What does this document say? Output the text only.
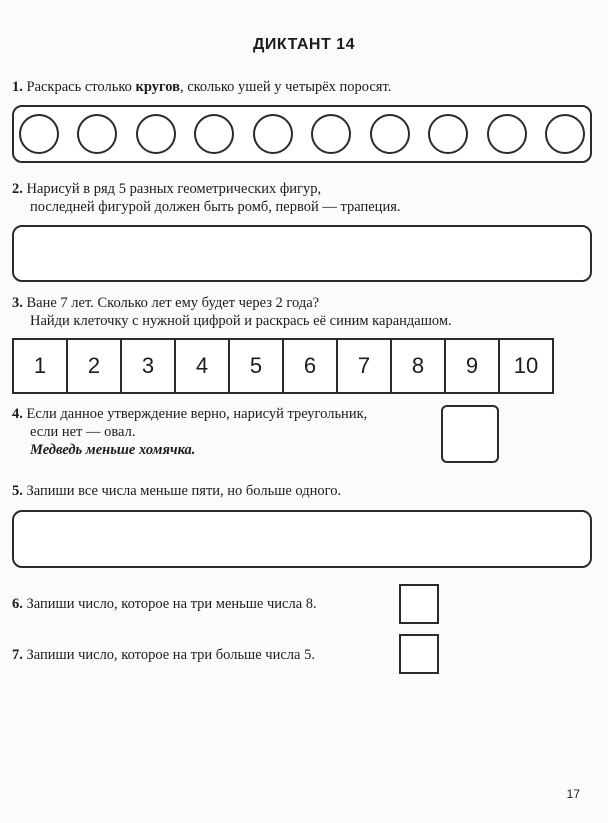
ДИКТАНТ 14
1. Раскрась столько кругов, сколько ушей у четырёх поросят.
2. Нарисуй в ряд 5 разных геометрических фигур,
последней фигурой должен быть ромб, первой — трапеция.
3. Ване 7 лет. Сколько лет ему будет через 2 года?
Найди клеточку с нужной цифрой и раскрась её синим карандашом.
1	2	3	4	5	6	7	8	9	10
4. Если данное утверждение верно, нарисуй треугольник,
если нет — овал.
Медведь меньше хомячка.
5. Запиши все числа меньше пяти, но больше одного.
6. Запиши число, которое на три меньше числа 8.
7. Запиши число, которое на три больше числа 5.
17
